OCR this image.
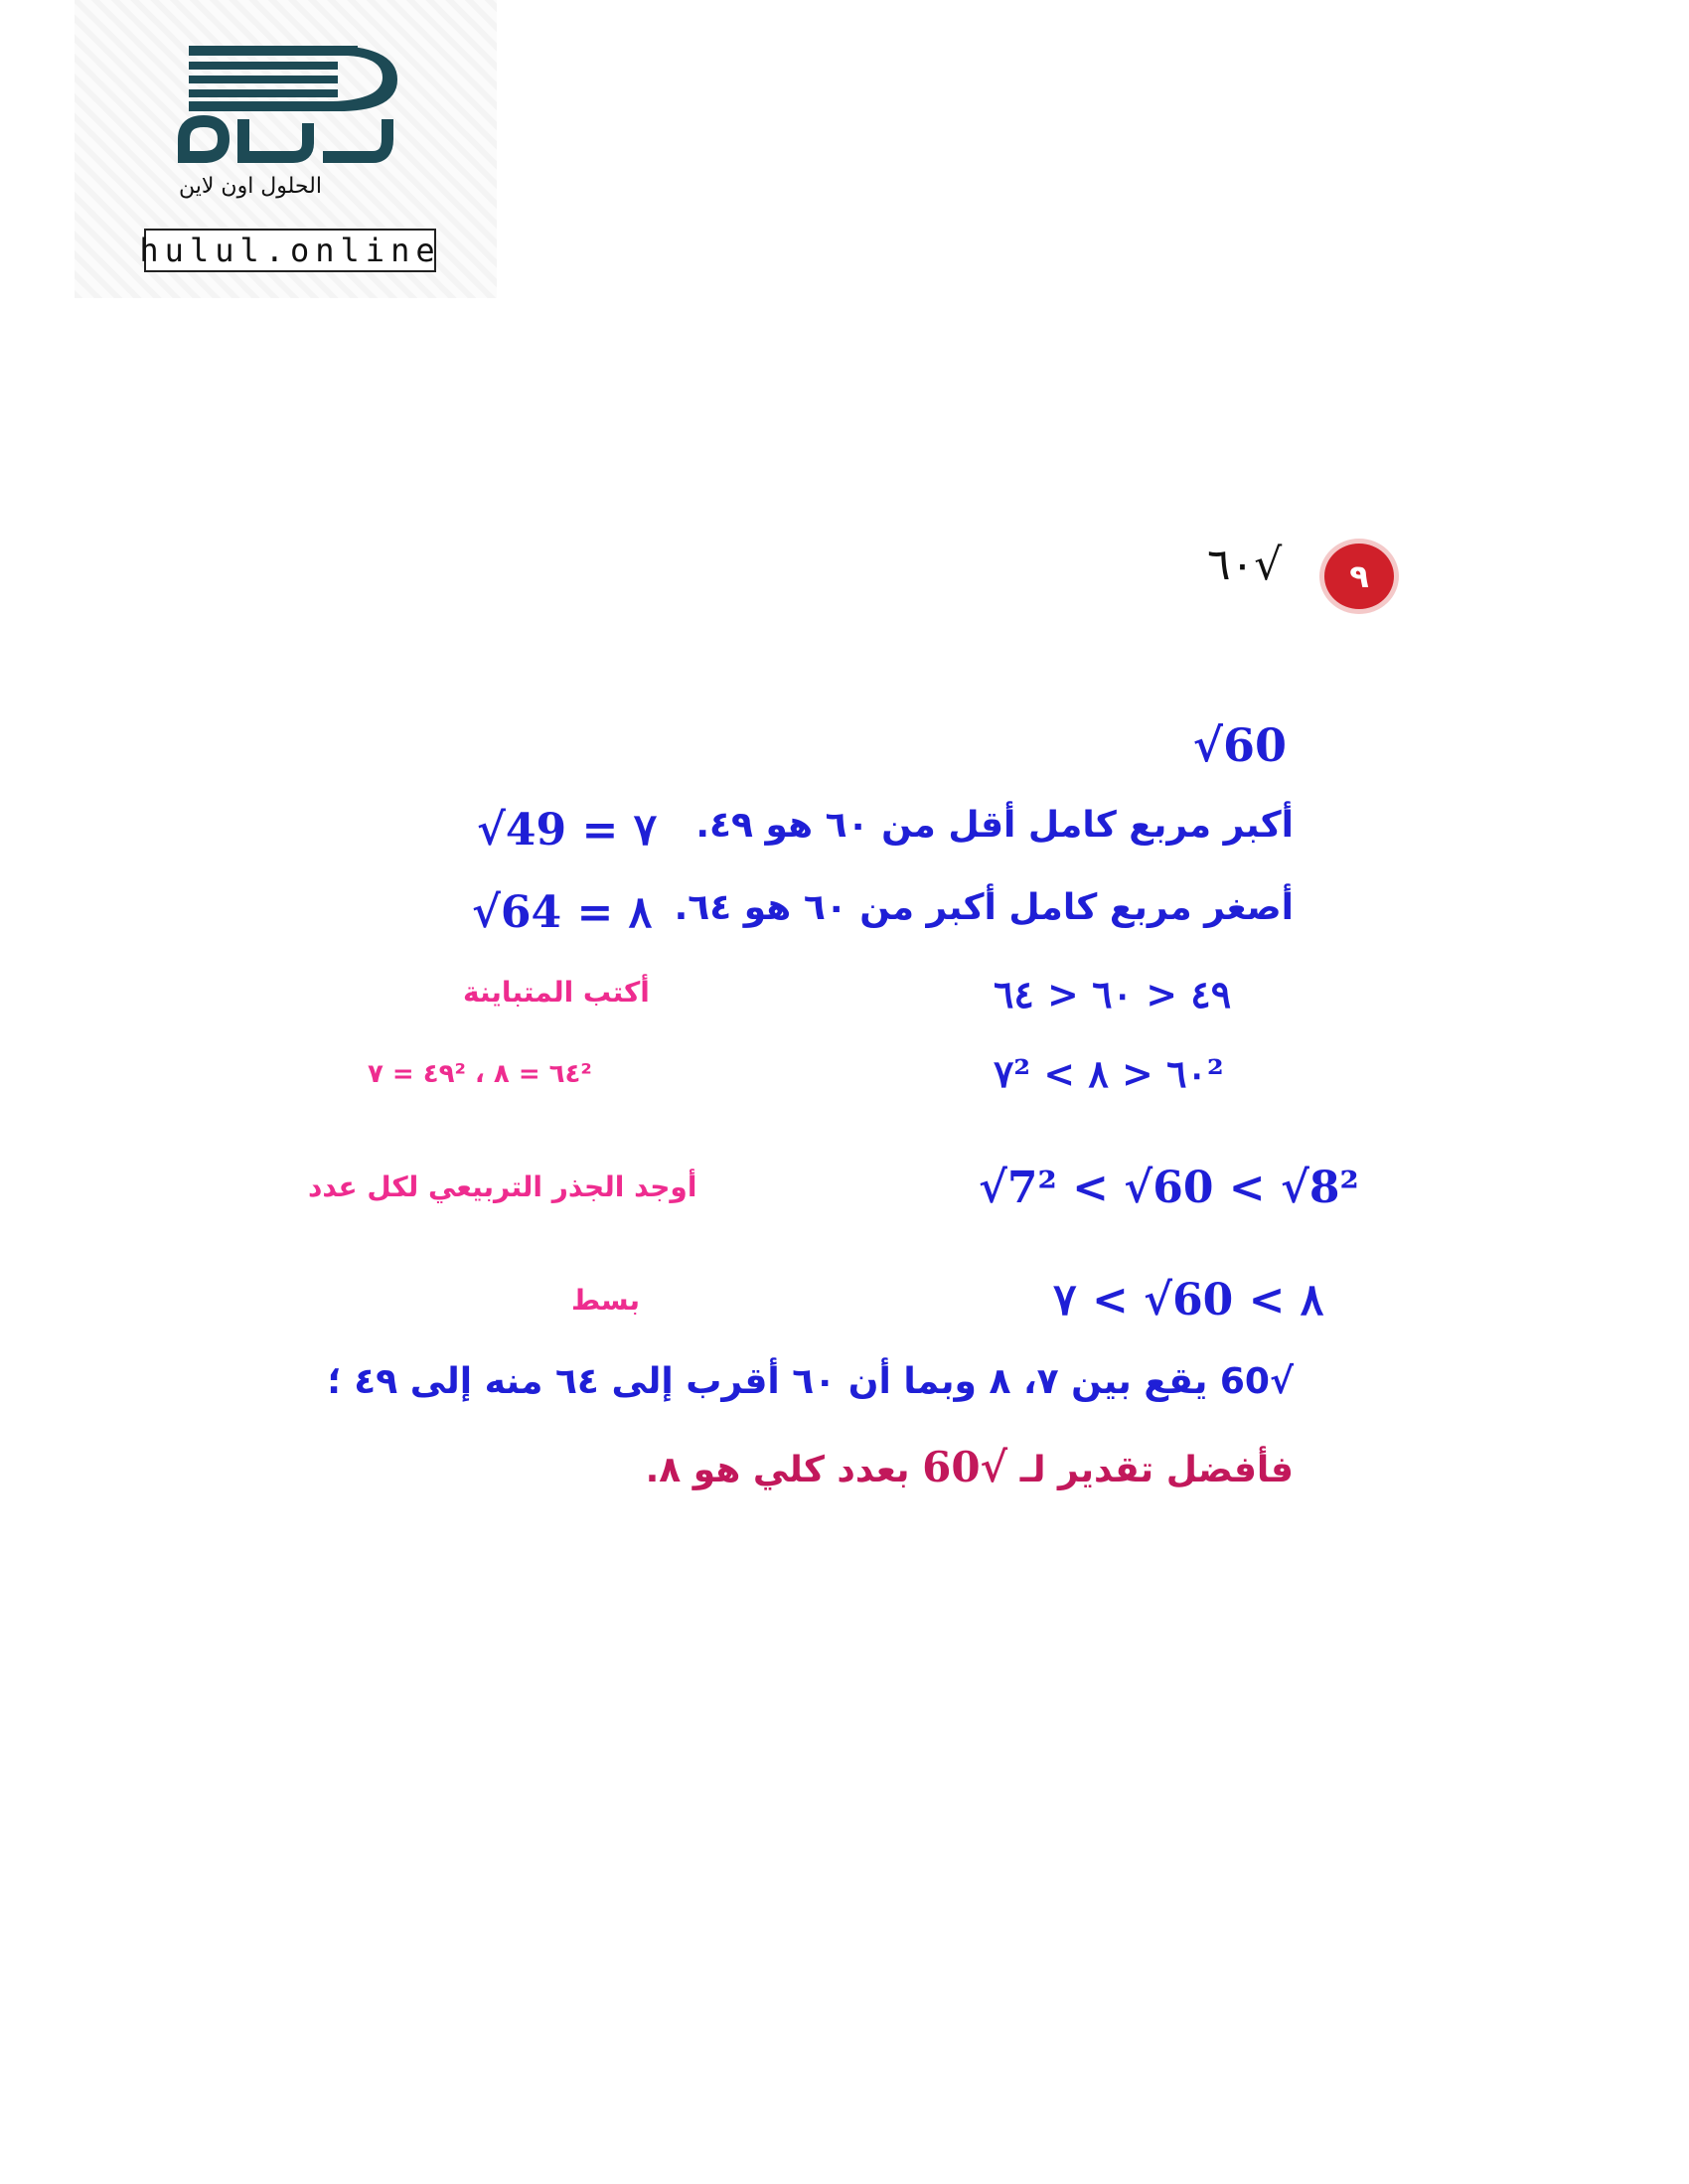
الحلول اون لاين
hulul.online
٩
√٦٠
√60
أكبر مربع كامل أقل من ٦٠ هو ٤٩.
√49 = ٧
أصغر مربع كامل أكبر من ٦٠ هو ٦٤.
√64 = ٨
٤٩ < ٦٠ < ٦٤
أكتب المتباينة
٧² < ٦٠ < ٨²
٤٩ = ٧² ، ٦٤ = ٨²
√7² < √60 < √8²
أوجد الجذر التربيعي لكل عدد
٧ < √60 < ٨
بسط
√60 يقع بين ٧، ٨ وبما أن ٦٠ أقرب إلى ٦٤ منه إلى ٤٩ ؛
فأفضل تقدير لـ √60 بعدد كلي هو ٨.
